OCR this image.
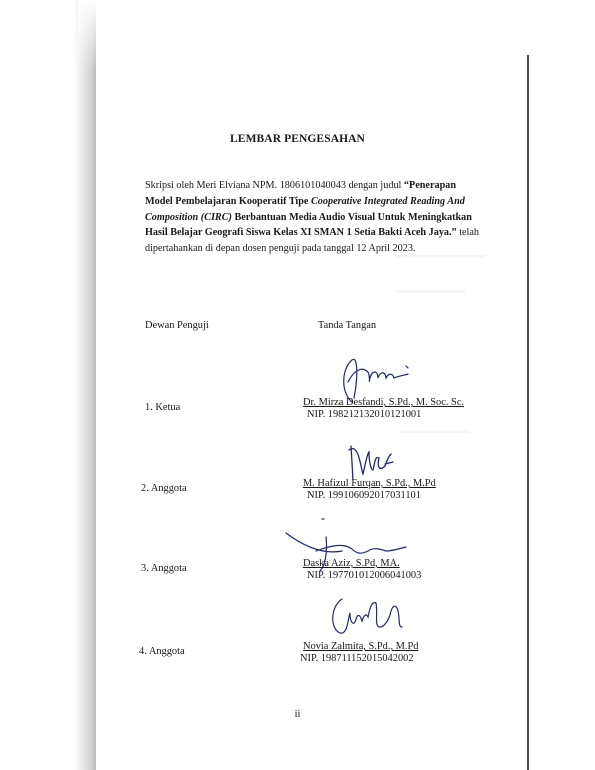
LEMBAR PENGESAHAN
Skripsi oleh Meri Elviana NPM. 1806101040043 dengan judul “Penerapan Model Pembelajaran Kooperatif Tipe Cooperative Integrated Reading And Composition (CIRC) Berbantuan Media Audio Visual Untuk Meningkatkan Hasil Belajar Geografi Siswa Kelas XI SMAN 1 Setia Bakti Aceh Jaya.” telah dipertahankan di depan dosen penguji pada tanggal 12 April 2023.
Dewan Penguji	Tanda Tangan
1. Ketua	Dr. Mirza Desfandi, S.Pd., M. Soc. Sc.
NIP. 198212132010121001
2. Anggota	M. Hafizul Furqan, S.Pd., M.Pd
NIP. 199106092017031101
3. Anggota	Daska Aziz, S.Pd, MA.
NIP. 197701012006041003
4. Anggota	Novia Zalmita, S.Pd., M.Pd
NIP. 198711152015042002
ii
